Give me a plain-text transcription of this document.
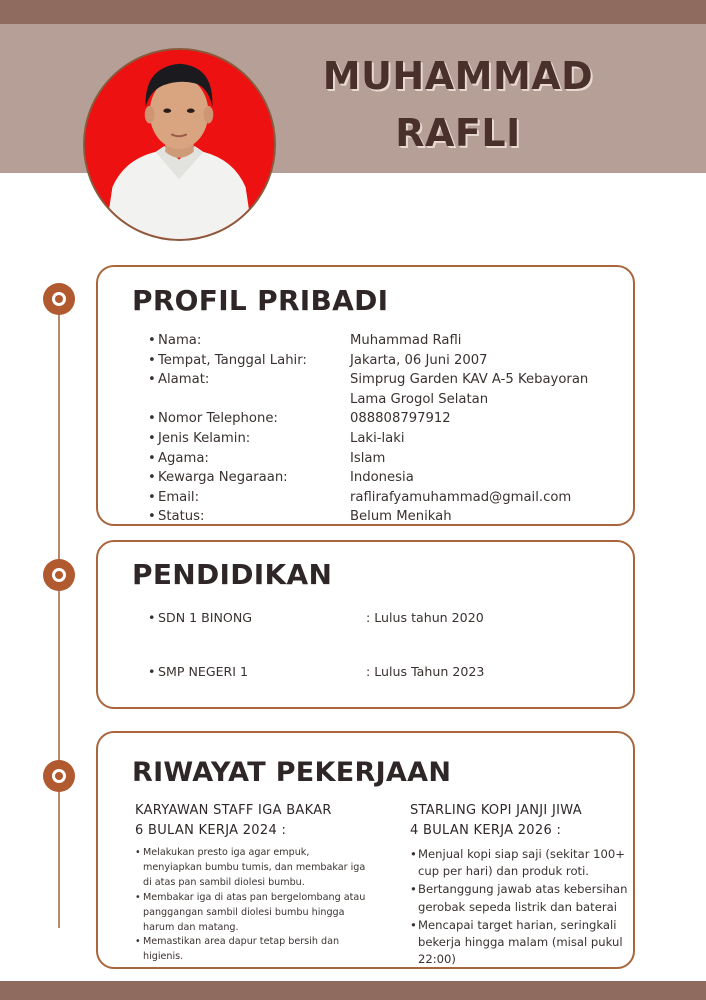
MUHAMMAD
RAFLI
PROFIL PRIBADI
• Nama:	Muhammad Rafli
• Tempat, Tanggal Lahir:	Jakarta, 06 Juni 2007
• Alamat:	Simprug Garden KAV A-5 Kebayoran Lama Grogol Selatan
• Nomor Telephone:	088808797912
• Jenis Kelamin:	Laki-laki
• Agama:	Islam
• Kewarga Negaraan:	Indonesia
• Email:	raflirafyamuhammad@gmail.com
• Status:	Belum Menikah
PENDIDIKAN
• SDN 1 BINONG	: Lulus tahun 2020
• SMP NEGERI 1	: Lulus Tahun 2023
RIWAYAT PEKERJAAN
KARYAWAN STAFF IGA BAKAR
6 BULAN KERJA 2024 :
• Melakukan presto iga agar empuk, menyiapkan bumbu tumis, dan membakar iga di atas pan sambil diolesi bumbu.
• Membakar iga di atas pan bergelombang atau panggangan sambil diolesi bumbu hingga harum dan matang.
• Memastikan area dapur tetap bersih dan higienis.
STARLING KOPI JANJI JIWA
4 BULAN KERJA 2026 :
• Menjual kopi siap saji (sekitar 100+ cup per hari) dan produk roti.
• Bertanggung jawab atas kebersihan gerobak sepeda listrik dan baterai
• Mencapai target harian, seringkali bekerja hingga malam (misal pukul 22:00)
